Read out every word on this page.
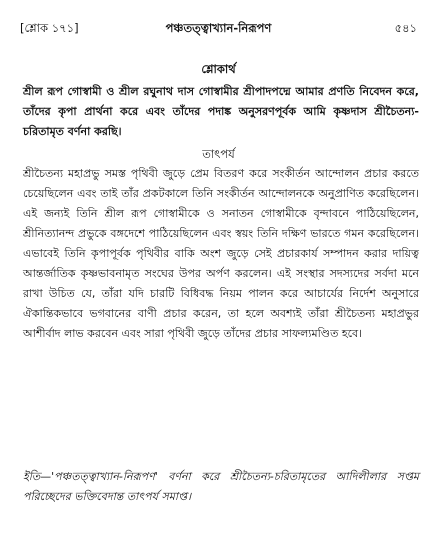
[শ্লোক ১৭১]	পঞ্চতত্ত্বাখ্যান-নিরূপণ	৫৪১
শ্লোকার্থ

শ্রীল রূপ গোস্বামী ও শ্রীল রঘুনাথ দাস গোস্বামীর শ্রীপাদপদ্মে আমার প্রণতি নিবেদন করে, তাঁদের কৃপা প্রার্থনা করে এবং তাঁদের পদাঙ্ক অনুসরণপূর্বক আমি কৃষ্ণদাস শ্রীচৈতন্য-চরিতামৃত বর্ণনা করছি।

তাৎপর্য

শ্রীচৈতন্য মহাপ্রভু সমস্ত পৃথিবী জুড়ে প্রেম বিতরণ করে সংকীর্তন আন্দোলন প্রচার করতে চেয়েছিলেন এবং তাই তাঁর প্রকটকালে তিনি সংকীর্তন আন্দোলনকে অনুপ্রাণিত করেছিলেন। এই জন্যই তিনি শ্রীল রূপ গোস্বামীকে ও সনাতন গোস্বামীকে বৃন্দাবনে পাঠিয়েছিলেন, শ্রীনিত্যানন্দ প্রভুকে বঙ্গদেশে পাঠিয়েছিলেন এবং স্বয়ং তিনি দক্ষিণ ভারতে গমন করেছিলেন। এভাবেই তিনি কৃপাপূর্বক পৃথিবীর বাকি অংশ জুড়ে সেই প্রচারকার্য সম্পাদন করার দায়িত্ব আন্তর্জাতিক কৃষ্ণভাবনামৃত সংঘের উপর অর্পণ করলেন। এই সংস্থার সদস্যদের সর্বদা মনে রাখা উচিত যে, তাঁরা যদি চারটি বিধিবদ্ধ নিয়ম পালন করে আচার্যের নির্দেশ অনুসারে ঐকান্তিকভাবে ভগবানের বাণী প্রচার করেন, তা হলে অবশ্যই তাঁরা শ্রীচৈতন্য মহাপ্রভুর আশীর্বাদ লাভ করবেন এবং সারা পৃথিবী জুড়ে তাঁদের প্রচার সাফল্যমণ্ডিত হবে।

ইতি—'পঞ্চতত্ত্বাখ্যান-নিরূপণ' বর্ণনা করে শ্রীচৈতন্য-চরিতামৃতের আদিলীলার সপ্তম পরিচ্ছেদের ভক্তিবেদান্ত তাৎপর্য সমাপ্ত।
